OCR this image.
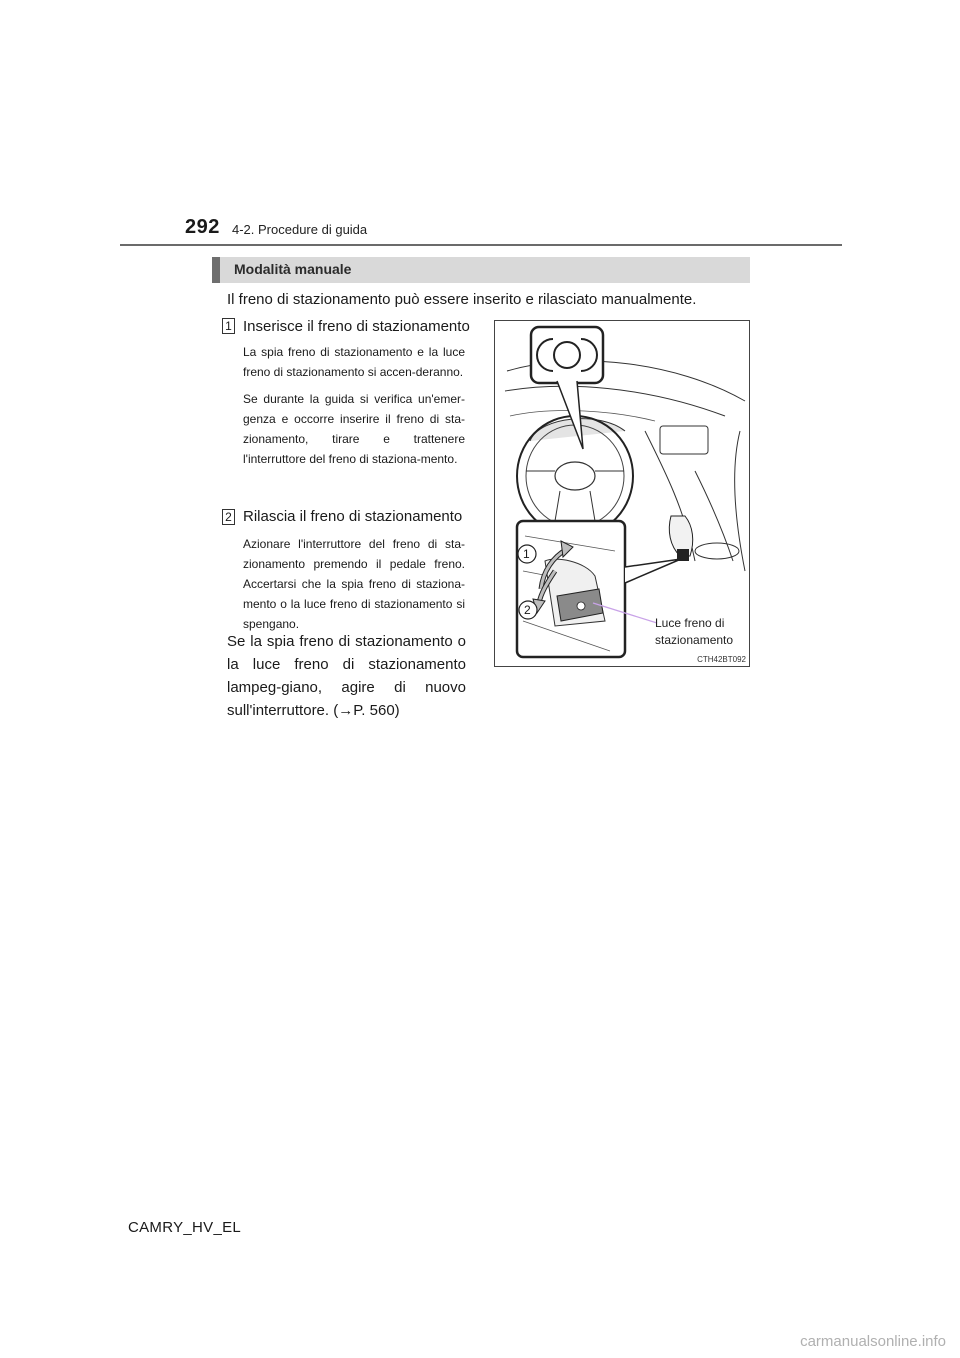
292 4-2. Procedure di guida
Modalità manuale
Il freno di stazionamento può essere inserito e rilasciato manualmente.
1 Inserisce il freno di stazionamento

La spia freno di stazionamento e la luce freno di stazionamento si accen-deranno.

Se durante la guida si verifica un'emer-genza e occorre inserire il freno di sta-zionamento, tirare e trattenere l'interruttore del freno di staziona-mento.

2 Rilascia il freno di stazionamento

Azionare l'interruttore del freno di sta-zionamento premendo il pedale freno. Accertarsi che la spia freno di staziona-mento o la luce freno di stazionamento si spengano.

Se la spia freno di stazionamento o la luce freno di stazionamento lampeg-giano, agire di nuovo sull'interruttore. (→P. 560)
1
2
Luce freno di
stazionamento
CTH42BT092
CAMRY_HV_EL
carmanualsonline.info
